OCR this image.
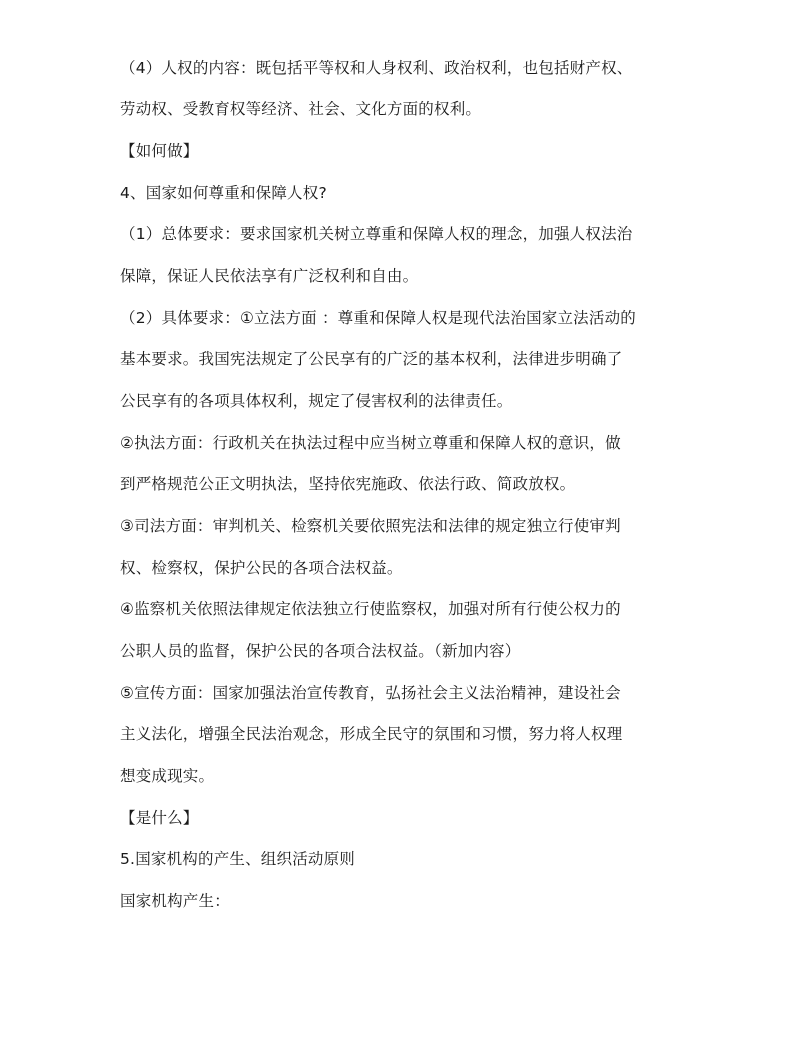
（4）人权的内容：既包括平等权和人身权利、政治权利，也包括财产权、
劳动权、受教育权等经济、社会、文化方面的权利。
【如何做】
4、国家如何尊重和保障人权?
（1）总体要求：要求国家机关树立尊重和保障人权的理念，加强人权法治
保障，保证人民依法享有广泛权利和自由。
（2）具体要求：①立法方面 ：尊重和保障人权是现代法治国家立法活动的
基本要求。我国宪法规定了公民享有的广泛的基本权利，法律进步明确了
公民享有的各项具体权利，规定了侵害权利的法律责任。
②执法方面：行政机关在执法过程中应当树立尊重和保障人权的意识，做
到严格规范公正文明执法，坚持依宪施政、依法行政、简政放权。
③司法方面：审判机关、检察机关要依照宪法和法律的规定独立行使审判
权、检察权，保护公民的各项合法权益。
④监察机关依照法律规定依法独立行使监察权，加强对所有行使公权力的
公职人员的监督，保护公民的各项合法权益。（新加内容）
⑤宣传方面：国家加强法治宣传教育，弘扬社会主义法治精神，建设社会
主义法化，增强全民法治观念，形成全民守的氛围和习惯，努力将人权理
想变成现实。
【是什么】
5.国家机构的产生、组织活动原则
国家机构产生：
